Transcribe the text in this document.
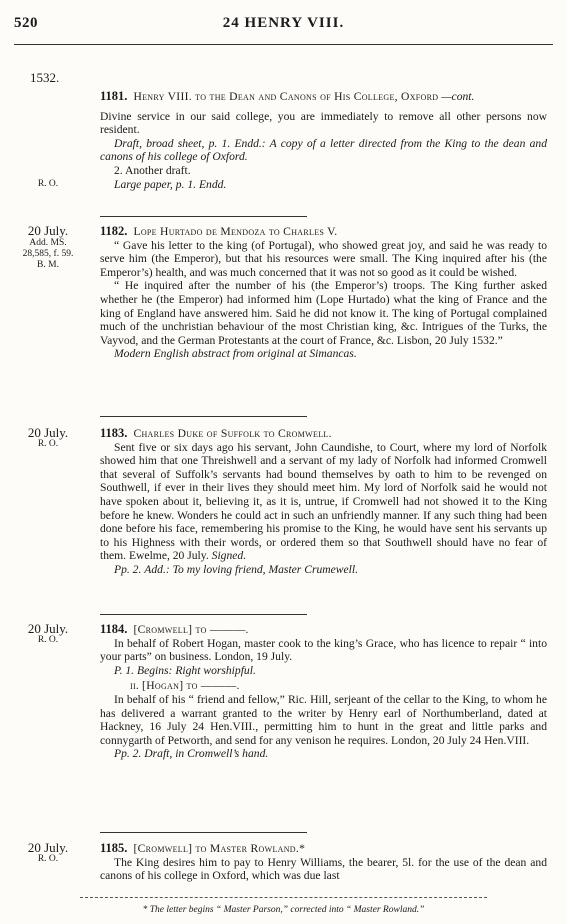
520	24 HENRY VIII.
1532.

1181. Henry VIII. to the Dean and Canons of His College, Oxford —cont.

Divine service in our said college, you are immediately to remove all other persons now resident.

Draft, broad sheet, p. 1. Endd.: A copy of a letter directed from the King to the dean and canons of his college of Oxford.

2. Another draft.

Large paper, p. 1. Endd.

R. O.
20 July.
Add. MS.
28,585, f. 59.
B. M.

1182. Lope Hurtado de Mendoza to Charles V.

“ Gave his letter to the king (of Portugal), who showed great joy, and said he was ready to serve him (the Emperor), but that his resources were small. The King inquired after his (the Emperor’s) health, and was much concerned that it was not so good as it could be wished.

“ He inquired after the number of his (the Emperor’s) troops. The King further asked whether he (the Emperor) had informed him (Lope Hurtado) what the king of France and the king of England have answered him. Said he did not know it. The king of Portugal complained much of the unchristian behaviour of the most Christian king, &c. Intrigues of the Turks, the Vayvod, and the German Protestants at the court of France, &c. Lisbon, 20 July 1532.”

Modern English abstract from original at Simancas.

20 July.
R. O.

1183. Charles Duke of Suffolk to Cromwell.

Sent five or six days ago his servant, John Caundishe, to Court, where my lord of Norfolk showed him that one Threishwell and a servant of my lady of Norfolk had informed Cromwell that several of Suffolk’s servants had bound themselves by oath to him to be revenged on Southwell, if ever in their lives they should meet him. My lord of Norfolk said he would not have spoken about it, believing it, as it is, untrue, if Cromwell had not showed it to the King before he knew. Wonders he could act in such an unfriendly manner. If any such thing had been done before his face, remembering his promise to the King, he would have sent his servants up to his Highness with their words, or ordered them so that Southwell should have no fear of them. Ewelme, 20 July. Signed.

Pp. 2. Add.: To my loving friend, Master Crumewell.

20 July.
R. O.

1184. [Cromwell] to ———.

In behalf of Robert Hogan, master cook to the king’s Grace, who has licence to repair “ into your parts” on business. London, 19 July.

P. 1. Begins: Right worshipful.

ii. [Hogan] to ———.

In behalf of his “ friend and fellow,” Ric. Hill, serjeant of the cellar to the King, to whom he has delivered a warrant granted to the writer by Henry earl of Northumberland, dated at Hackney, 16 July 24 Hen.VIII., permitting him to hunt in the great and little parks and connygarth of Petworth, and send for any venison he requires. London, 20 July 24 Hen.VIII.

Pp. 2. Draft, in Cromwell’s hand.

20 July.
R. O.

1185. [Cromwell] to Master Rowland.*

The King desires him to pay to Henry Williams, the bearer, 5l. for the use of the dean and canons of his college in Oxford, which was due last

* The letter begins “ Master Parson,” corrected into “ Master Rowland.”
